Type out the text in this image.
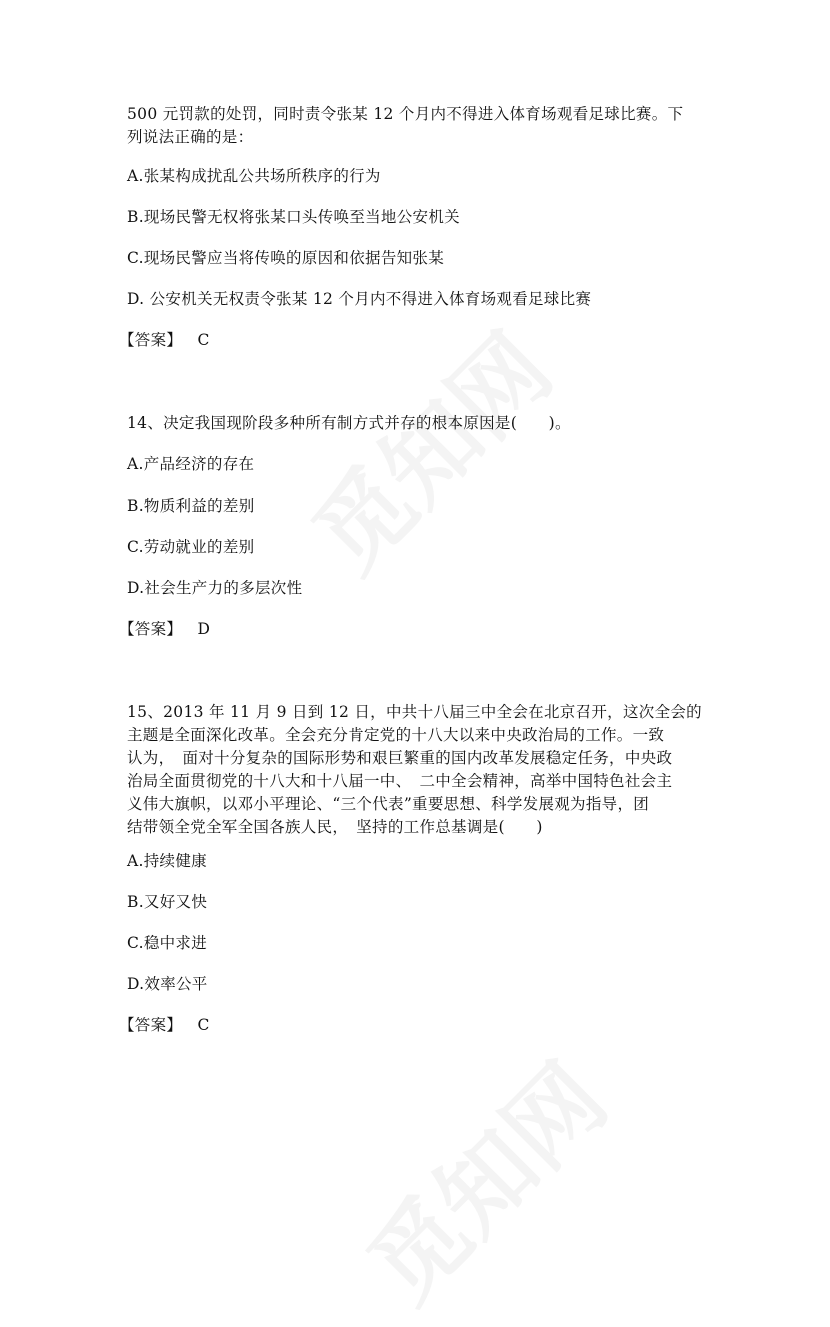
500 元罚款的处罚，同时责令张某 12 个月内不得进入体育场观看足球比赛。下
列说法正确的是：
A.张某构成扰乱公共场所秩序的行为
B.现场民警无权将张某口头传唤至当地公安机关
C.现场民警应当将传唤的原因和依据告知张某
D. 公安机关无权责令张某 12 个月内不得进入体育场观看足球比赛
【答案】 C
14、决定我国现阶段多种所有制方式并存的根本原因是(　　)。
A.产品经济的存在
B.物质利益的差别
C.劳动就业的差别
D.社会生产力的多层次性
【答案】 D
15、2013 年 11 月 9 日到 12 日，中共十八届三中全会在北京召开，这次全会的
主题是全面深化改革。全会充分肯定党的十八大以来中央政治局的工作。一致
认为，　面对十分复杂的国际形势和艰巨繁重的国内改革发展稳定任务，中央政
治局全面贯彻党的十八大和十八届一中、　二中全会精神，高举中国特色社会主
义伟大旗帜，以邓小平理论、“三个代表”重要思想、科学发展观为指导，团
结带领全党全军全国各族人民，　坚持的工作总基调是(　　)
A.持续健康
B.又好又快
C.稳中求进
D.效率公平
【答案】 C
